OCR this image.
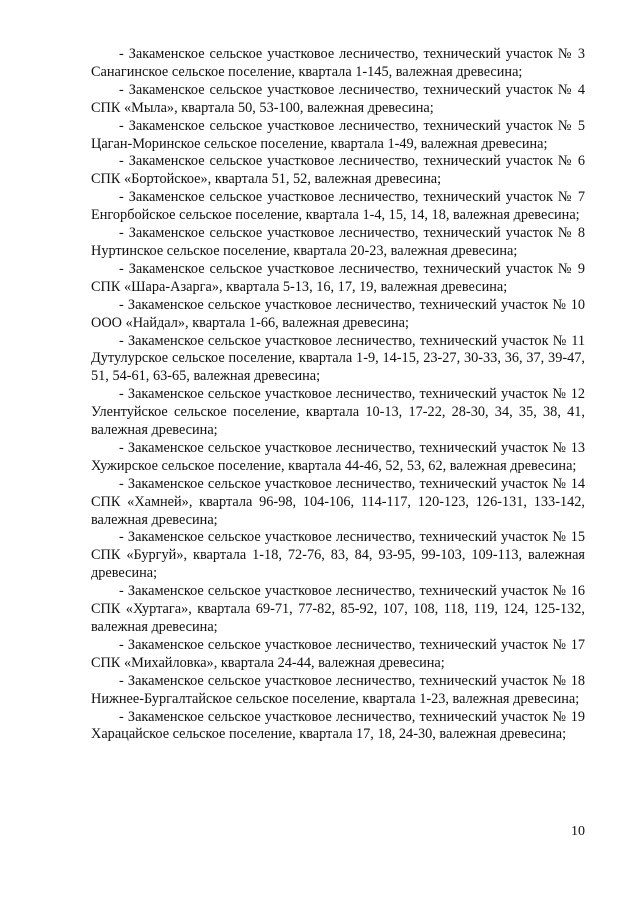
- Закаменское сельское участковое лесничество, технический участок № 3 Санагинское сельское поселение, квартала 1-145, валежная древесина;

- Закаменское сельское участковое лесничество, технический участок № 4 СПК «Мыла», квартала 50, 53-100, валежная древесина;

- Закаменское сельское участковое лесничество, технический участок № 5 Цаган-Моринское сельское поселение, квартала 1-49, валежная древесина;

- Закаменское сельское участковое лесничество, технический участок № 6 СПК «Бортойское», квартала 51, 52, валежная древесина;

- Закаменское сельское участковое лесничество, технический участок № 7 Енгорбойское сельское поселение, квартала 1-4, 15, 14, 18, валежная древесина;

- Закаменское сельское участковое лесничество, технический участок № 8 Нуртинское сельское поселение, квартала 20-23, валежная древесина;

- Закаменское сельское участковое лесничество, технический участок № 9 СПК «Шара-Азарга», квартала 5-13, 16, 17, 19, валежная древесина;

- Закаменское сельское участковое лесничество, технический участок № 10 ООО «Найдал», квартала 1-66, валежная древесина;

- Закаменское сельское участковое лесничество, технический участок № 11 Дутулурское сельское поселение, квартала 1-9, 14-15, 23-27, 30-33, 36, 37, 39-47, 51, 54-61, 63-65, валежная древесина;

- Закаменское сельское участковое лесничество, технический участок № 12 Улентуйское сельское поселение, квартала 10-13, 17-22, 28-30, 34, 35, 38, 41, валежная древесина;

- Закаменское сельское участковое лесничество, технический участок № 13 Хужирское сельское поселение, квартала 44-46, 52, 53, 62, валежная древесина;

- Закаменское сельское участковое лесничество, технический участок № 14 СПК «Хамней», квартала 96-98, 104-106, 114-117, 120-123, 126-131, 133-142, валежная древесина;

- Закаменское сельское участковое лесничество, технический участок № 15 СПК «Бургуй», квартала 1-18, 72-76, 83, 84, 93-95, 99-103, 109-113, валежная древесина;

- Закаменское сельское участковое лесничество, технический участок № 16 СПК «Хуртага», квартала 69-71, 77-82, 85-92, 107, 108, 118, 119, 124, 125-132, валежная древесина;

- Закаменское сельское участковое лесничество, технический участок № 17 СПК «Михайловка», квартала 24-44, валежная древесина;

- Закаменское сельское участковое лесничество, технический участок № 18 Нижнее-Бургалтайское сельское поселение, квартала 1-23, валежная древесина;

- Закаменское сельское участковое лесничество, технический участок № 19 Харацайское сельское поселение, квартала 17, 18, 24-30, валежная древесина;

10
